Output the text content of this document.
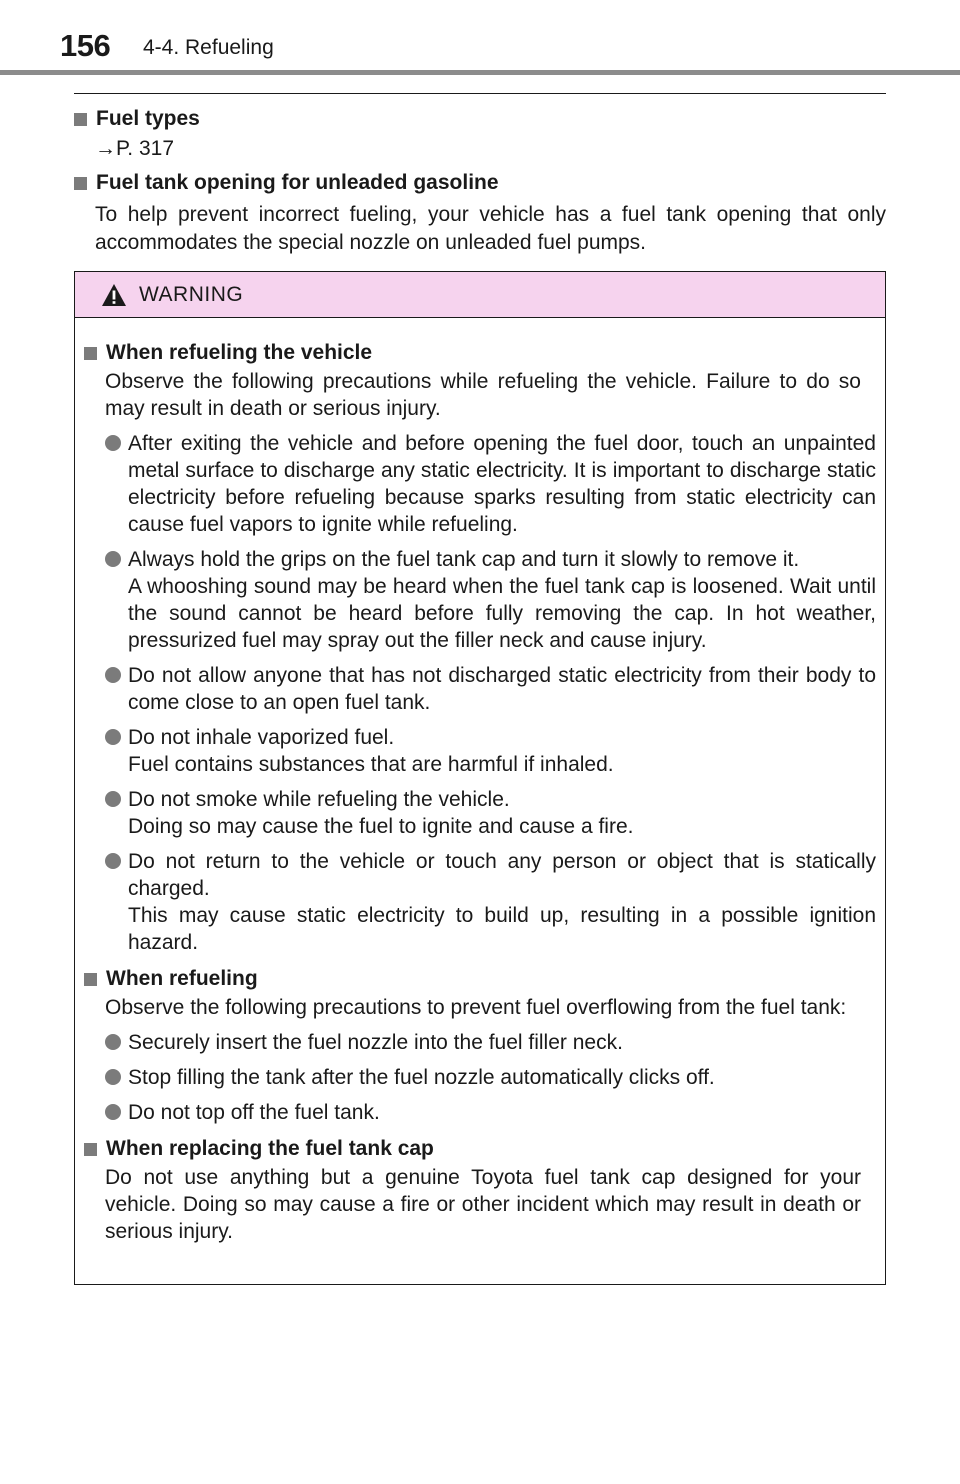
156 4-4. Refueling
Fuel types
→P. 317
Fuel tank opening for unleaded gasoline
To help prevent incorrect fueling, your vehicle has a fuel tank opening that only accommodates the special nozzle on unleaded fuel pumps.
WARNING
When refueling the vehicle
Observe the following precautions while refueling the vehicle. Failure to do so may result in death or serious injury.
After exiting the vehicle and before opening the fuel door, touch an unpainted metal surface to discharge any static electricity. It is important to discharge static electricity before refueling because sparks resulting from static electricity can cause fuel vapors to ignite while refueling.
Always hold the grips on the fuel tank cap and turn it slowly to remove it.
A whooshing sound may be heard when the fuel tank cap is loosened. Wait until the sound cannot be heard before fully removing the cap. In hot weather, pressurized fuel may spray out the filler neck and cause injury.
Do not allow anyone that has not discharged static electricity from their body to come close to an open fuel tank.
Do not inhale vaporized fuel.
Fuel contains substances that are harmful if inhaled.
Do not smoke while refueling the vehicle.
Doing so may cause the fuel to ignite and cause a fire.
Do not return to the vehicle or touch any person or object that is statically charged.
This may cause static electricity to build up, resulting in a possible ignition hazard.
When refueling
Observe the following precautions to prevent fuel overflowing from the fuel tank:
Securely insert the fuel nozzle into the fuel filler neck.
Stop filling the tank after the fuel nozzle automatically clicks off.
Do not top off the fuel tank.
When replacing the fuel tank cap
Do not use anything but a genuine Toyota fuel tank cap designed for your vehicle. Doing so may cause a fire or other incident which may result in death or serious injury.
